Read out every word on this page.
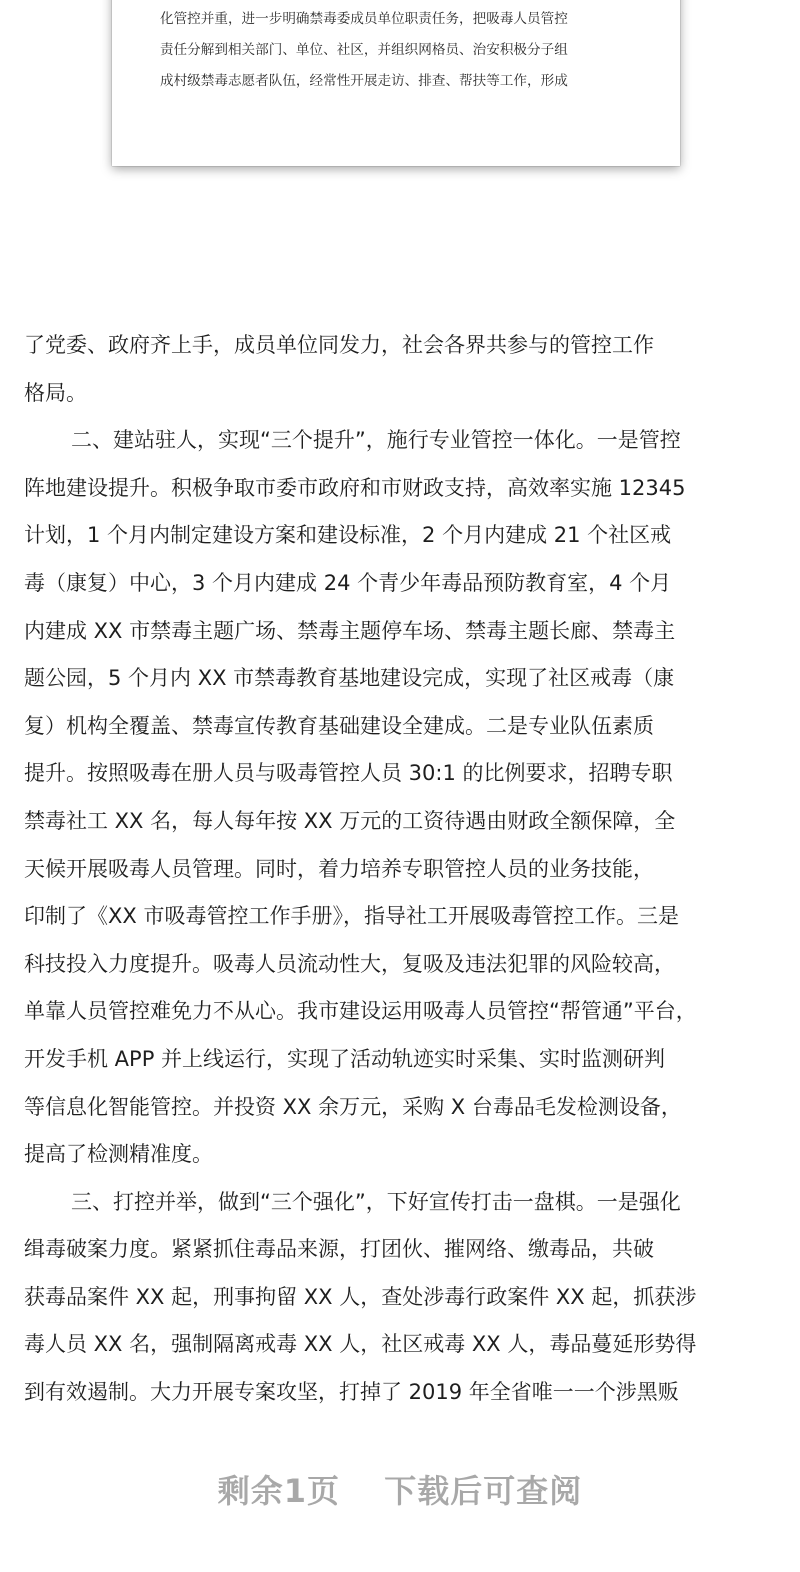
化管控并重，进一步明确禁毒委成员单位职责任务，把吸毒人员管控
责任分解到相关部门、单位、社区，并组织网格员、治安积极分子组
成村级禁毒志愿者队伍，经常性开展走访、排查、帮扶等工作，形成
了党委、政府齐上手，成员单位同发力，社会各界共参与的管控工作
格局。
二、建站驻人，实现“三个提升”，施行专业管控一体化。一是管控
阵地建设提升。积极争取市委市政府和市财政支持，高效率实施 12345
计划，1 个月内制定建设方案和建设标准，2 个月内建成 21 个社区戒
毒（康复）中心，3 个月内建成 24 个青少年毒品预防教育室，4 个月
内建成 XX 市禁毒主题广场、禁毒主题停车场、禁毒主题长廊、禁毒主
题公园，5 个月内 XX 市禁毒教育基地建设完成，实现了社区戒毒（康
复）机构全覆盖、禁毒宣传教育基础建设全建成。二是专业队伍素质
提升。按照吸毒在册人员与吸毒管控人员 30:1 的比例要求，招聘专职
禁毒社工 XX 名，每人每年按 XX 万元的工资待遇由财政全额保障，全
天候开展吸毒人员管理。同时，着力培养专职管控人员的业务技能，
印制了《XX 市吸毒管控工作手册》，指导社工开展吸毒管控工作。三是
科技投入力度提升。吸毒人员流动性大，复吸及违法犯罪的风险较高，
单靠人员管控难免力不从心。我市建设运用吸毒人员管控“帮管通”平台，
开发手机 APP 并上线运行，实现了活动轨迹实时采集、实时监测研判
等信息化智能管控。并投资 XX 余万元，采购 X 台毒品毛发检测设备，
提高了检测精准度。
三、打控并举，做到“三个强化”，下好宣传打击一盘棋。一是强化
缉毒破案力度。紧紧抓住毒品来源，打团伙、摧网络、缴毒品，共破
获毒品案件 XX 起，刑事拘留 XX 人，查处涉毒行政案件 XX 起，抓获涉
毒人员 XX 名，强制隔离戒毒 XX 人，社区戒毒 XX 人，毒品蔓延形势得
到有效遏制。大力开展专案攻坚，打掉了 2019 年全省唯一一个涉黑贩
剩余1页 下载后可查阅
